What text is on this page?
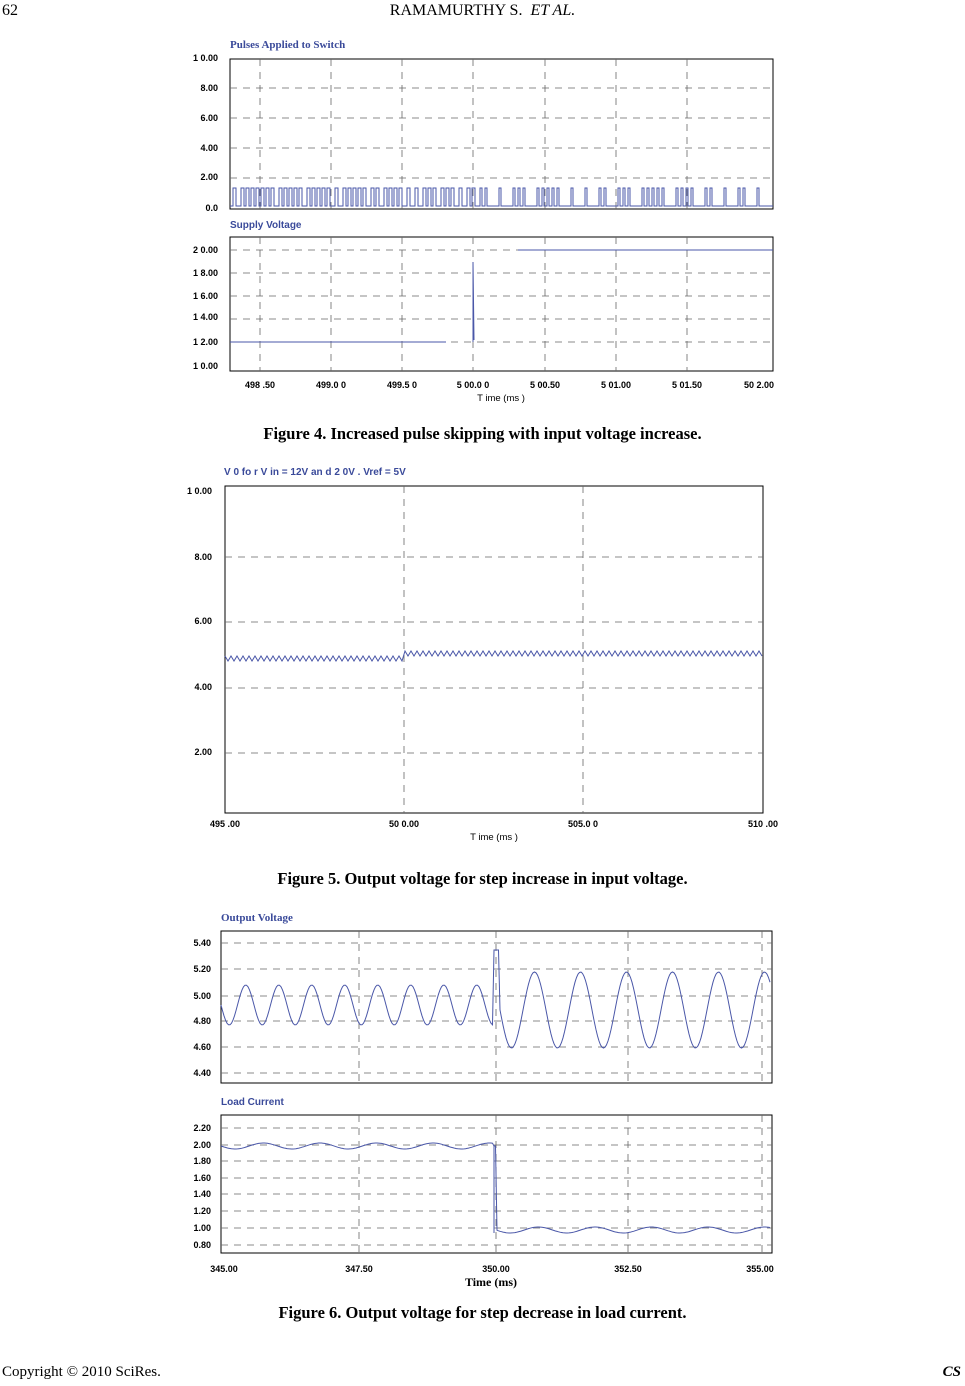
62	RAMAMURTHY S. ET AL.
Pulses Applied to Switch
1 0.00
8.00
6.00
4.00
2.00
0.0
Supply Voltage
2 0.00
1 8.00
1 6.00
1 4.00
1 2.00
1 0.00
498 .50	499.0 0	499.5 0	5 00.0 0	5 00.50	5 01.00	5 01.50	50 2.00
T ime (ms )
V 0 fo r V in = 12V an d 2 0V . Vref = 5V
1 0.00
8.00
6.00
4.00
2.00
495 .00	50 0.00	505.0 0	510 .00
T ime (ms )
Output Voltage
5.40
5.20
5.00
4.80
4.60
4.40
Load Current
2.20
2.00
1.80
1.60
1.40
1.20
1.00
0.80
345.00	347.50	350.00	352.50	355.00
Time (ms)
Figure 4. Increased pulse skipping with input voltage increase.
Figure 5. Output voltage for step increase in input voltage.
Figure 6. Output voltage for step decrease in load current.
Copyright © 2010 SciRes.	CS
